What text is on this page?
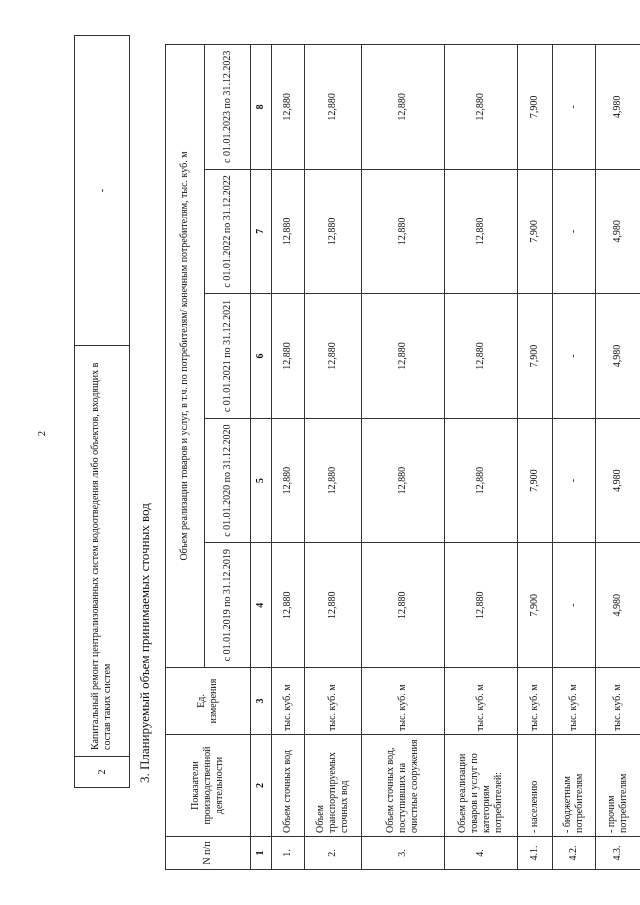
2
2	Капитальный ремонт централизованных систем водоотведения либо объектов, входящих в состав таких систем	-
3. Планируемый объем принимаемых сточных вод
N п/п	Показатели производственной деятельности	Ед. измерения	Объем реализации товаров и услуг, в т.ч. по потребителям/ конечным потребителям, тыс. куб. м				
			с 01.01.2019 по 31.12.2019	с 01.01.2020 по 31.12.2020	с 01.01.2021 по 31.12.2021	с 01.01.2022 по 31.12.2022	с 01.01.2023 по 31.12.2023
1	2	3	4	5	6	7	8
1.	Объем сточных вод	тыс. куб. м	12,880	12,880	12,880	12,880	12,880
2.	Объем транспортируемых сточных вод	тыс. куб. м	12,880	12,880	12,880	12,880	12,880
3.	Объем сточных вод, поступивших на очистные сооружения	тыс. куб. м	12,880	12,880	12,880	12,880	12,880
4.	Объем реализации товаров и услуг по категориям потребителей:	тыс. куб. м	12,880	12,880	12,880	12,880	12,880
4.1.	- населению	тыс. куб. м	7,900	7,900	7,900	7,900	7,900
4.2.	- бюджетным потребителям	тыс. куб. м	-	-	-	-	-
4.3.	- прочим потребителям	тыс. куб. м	4,980	4,980	4,980	4,980	4,980
